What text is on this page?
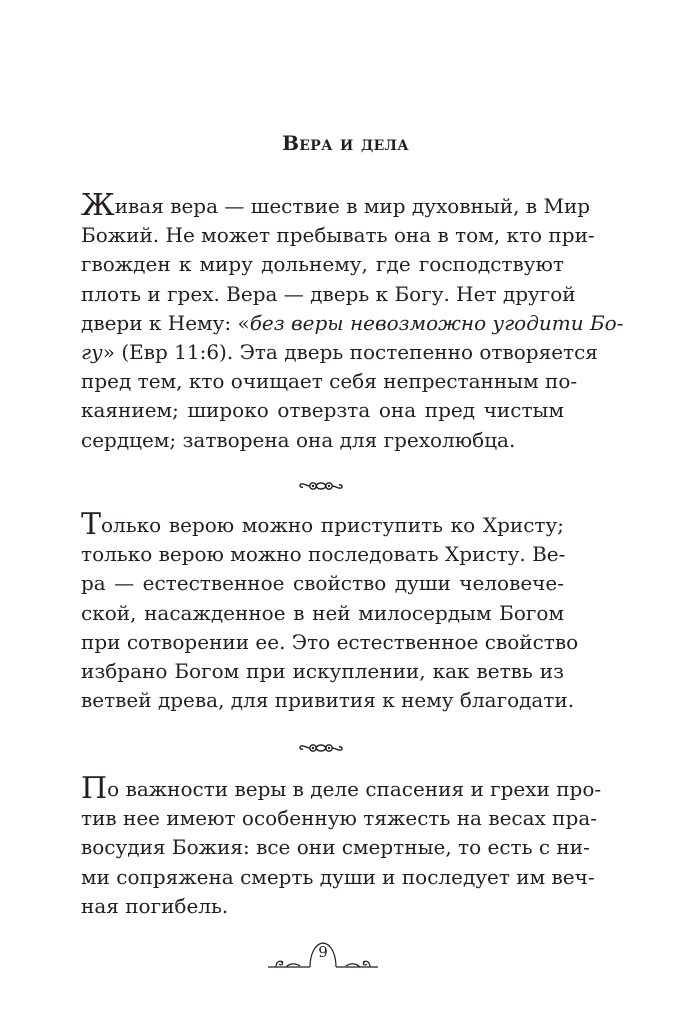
Вера и дела
Живая вера — шествие в мир духовный, в Мир
Божий. Не может пребывать она в том, кто при-
гвожден к миру дольнему, где господствуют
плоть и грех. Вера — дверь к Богу. Нет другой
двери к Нему: «без веры невозможно угодити Бо-
гу» (Евр 11:6). Эта дверь постепенно отворяется
пред тем, кто очищает себя непрестанным по-
каянием; широко отверзта она пред чистым
сердцем; затворена она для грехолюбца.
Только верою можно приступить ко Христу;
только верою можно последовать Христу. Ве-
ра — естественное свойство души человече-
ской, насажденное в ней милосердым Богом
при сотворении ее. Это естественное свойство
избрано Богом при искуплении, как ветвь из
ветвей древа, для привития к нему благодати.
По важности веры в деле спасения и грехи про-
тив нее имеют особенную тяжесть на весах пра-
восудия Божия: все они смертные, то есть с ни-
ми сопряжена смерть души и последует им веч-
ная погибель.
9
